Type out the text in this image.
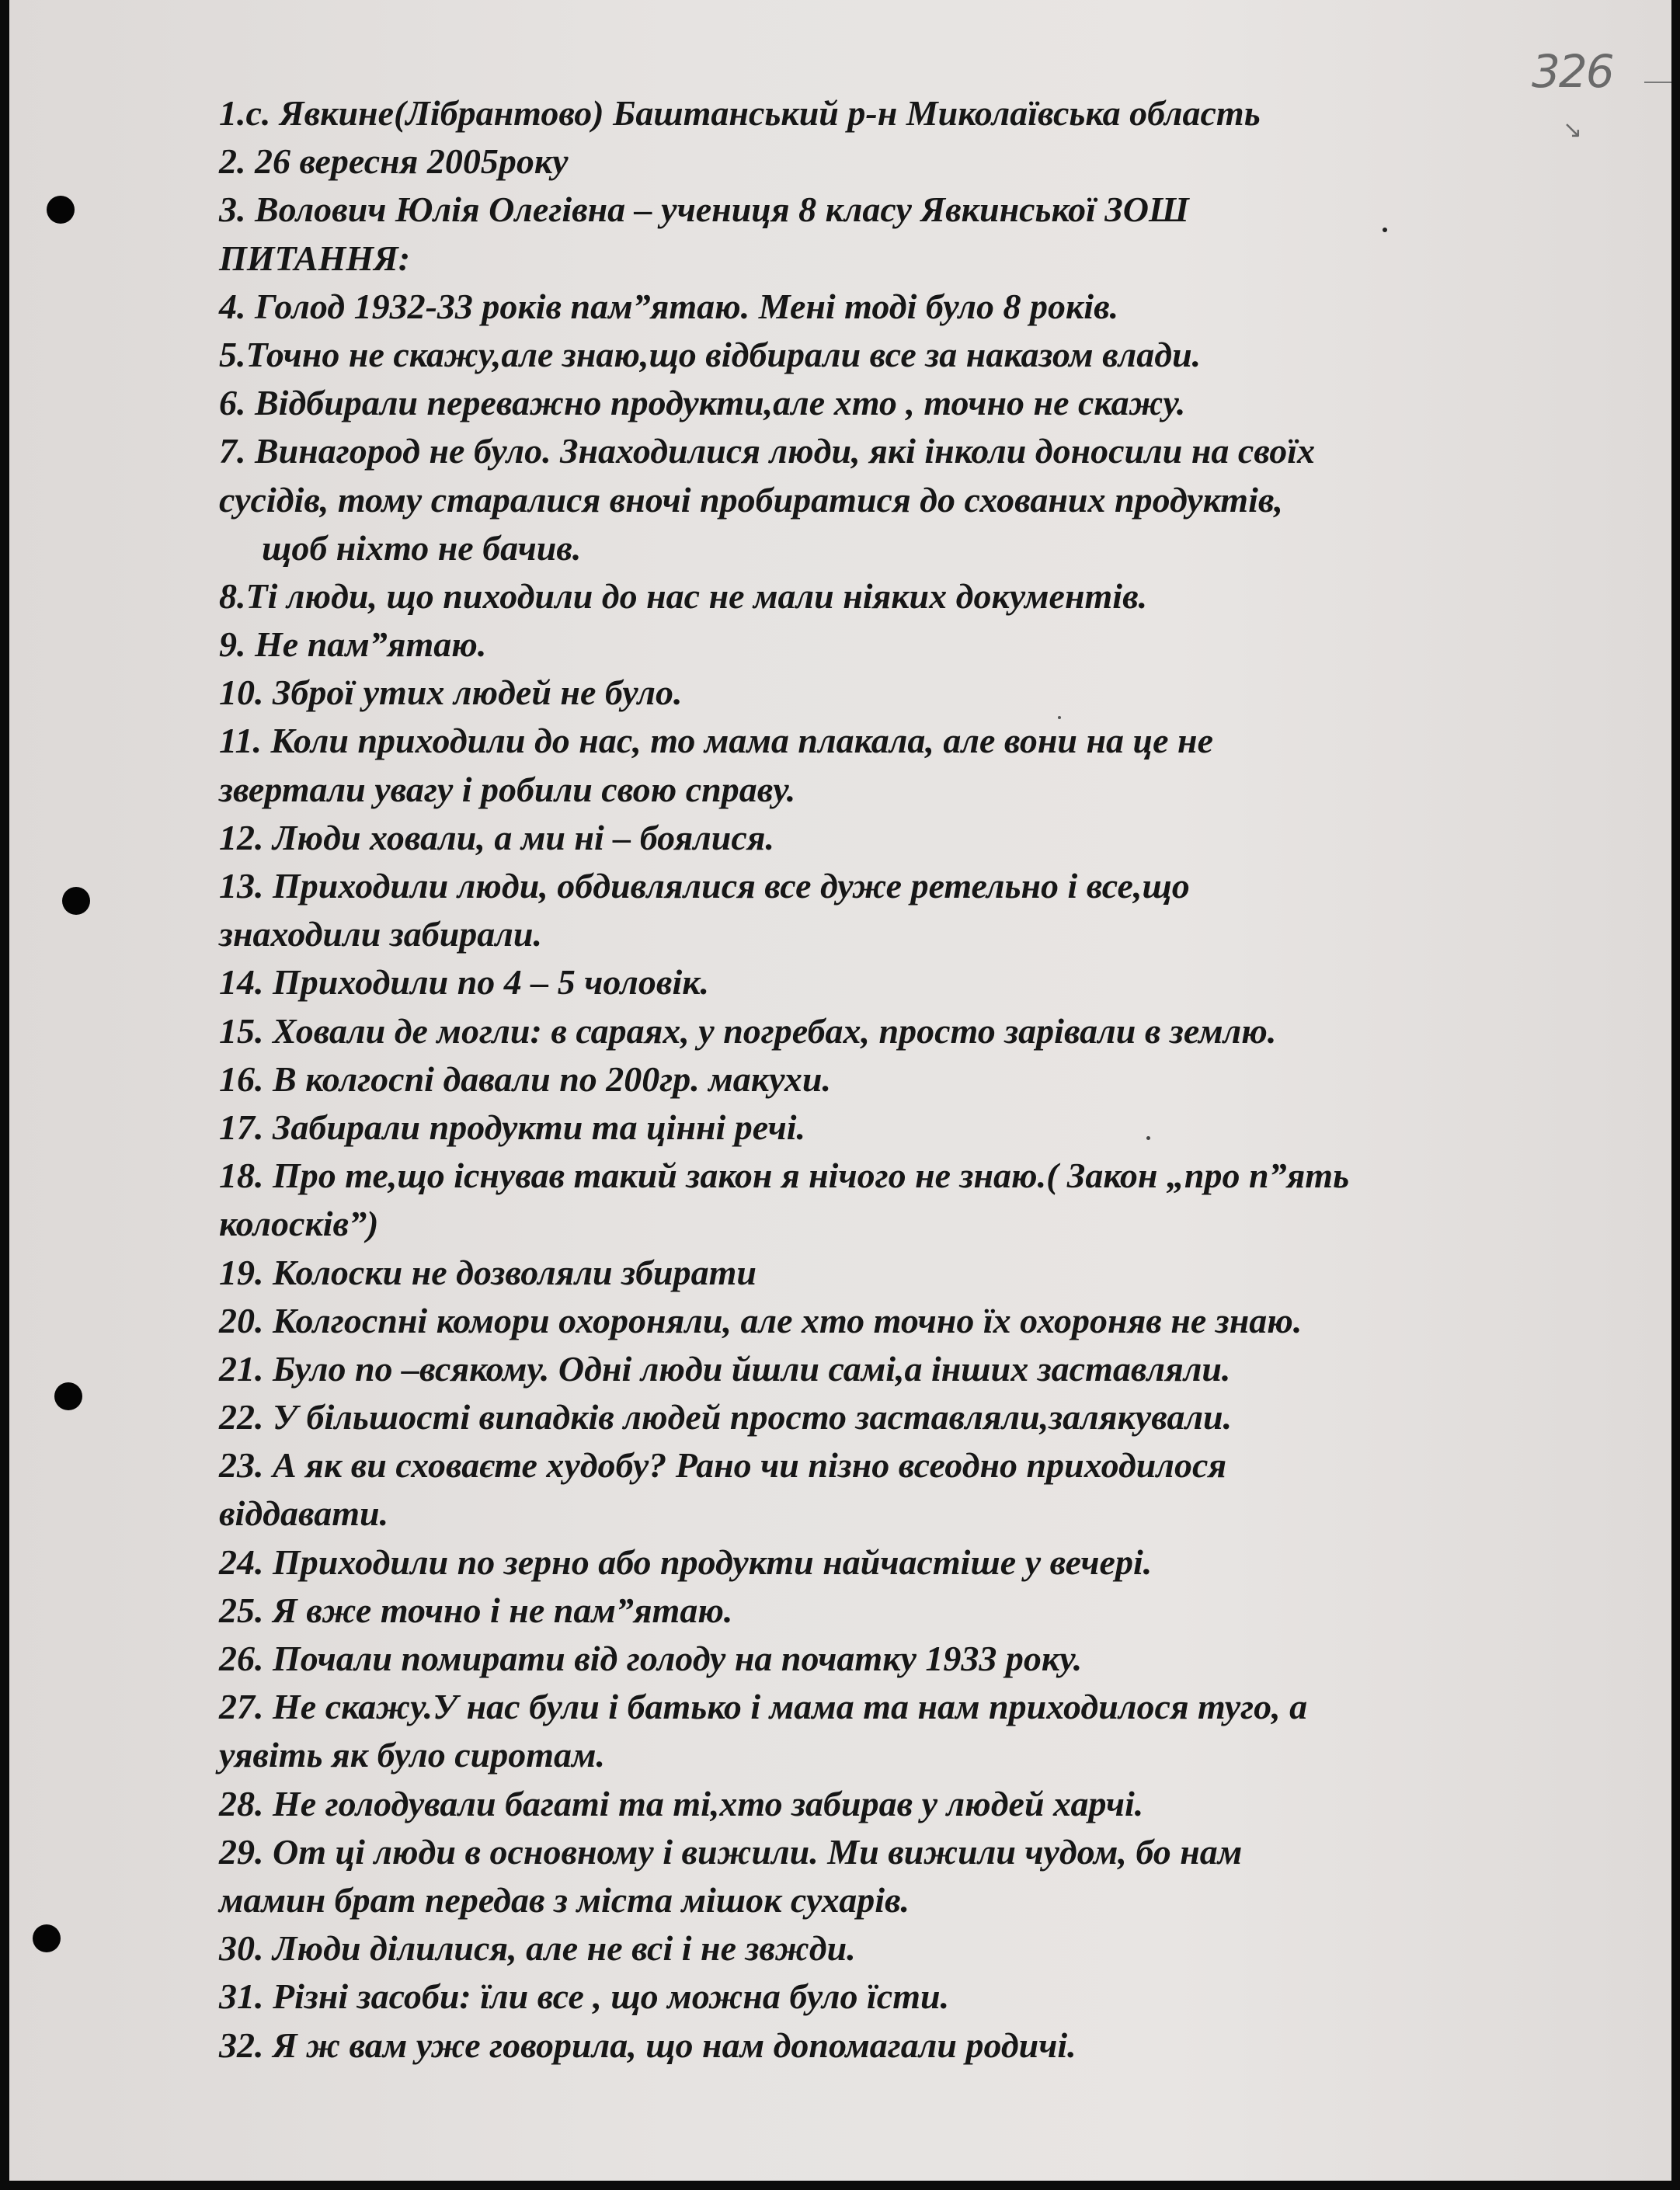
326
↘
1.с. Явкине(Лібрантово) Баштанський р-н Миколаївська область
2. 26 вересня 2005року
3. Волович Юлія Олегівна – учениця 8 класу Явкинської ЗОШ
ПИТАННЯ:
4. Голод 1932-33 років пам”ятаю. Мені тоді було 8 років.
5.Точно не скажу,але знаю,що відбирали все за наказом влади.
6. Відбирали переважно продукти,але хто , точно не скажу.
7. Винагород не було. Знаходилися люди, які інколи доносили на своїх
сусідів, тому старалися вночі пробиратися до схованих продуктів,
щоб ніхто не бачив.
8.Ті люди, що пиходили до нас не мали ніяких документів.
9. Не пам”ятаю.
10. Зброї утих людей не було.
11. Коли приходили до нас, то мама плакала, але вони на це не
звертали увагу і робили свою справу.
12. Люди ховали, а ми ні – боялися.
13. Приходили люди, обдивлялися все дуже ретельно і все,що
знаходили забирали.
14. Приходили по 4 – 5 чоловік.
15. Ховали де могли: в сараях, у погребах, просто зарівали в землю.
16. В колгоспі давали по 200гр. макухи.
17. Забирали продукти та цінні речі.
18. Про те,що існував такий закон я нічого не знаю.( Закон „про п”ять
колосків”)
19. Колоски не дозволяли збирати
20. Колгоспні комори охороняли, але хто точно їх охороняв не знаю.
21. Було по –всякому. Одні люди йшли самі,а інших заставляли.
22. У більшості випадків людей просто заставляли,залякували.
23. А як ви сховаєте худобу? Рано чи пізно всеодно приходилося
віддавати.
24. Приходили по зерно або продукти найчастіше у вечері.
25. Я вже точно і не пам”ятаю.
26. Почали помирати від голоду на початку 1933 року.
27. Не скажу.У нас були і батько і мама та нам приходилося туго, а
уявіть як було сиротам.
28. Не голодували багаті та ті,хто забирав у людей харчі.
29. От ці люди в основному і вижили. Ми вижили чудом, бо нам
мамин брат передав з міста мішок сухарів.
30. Люди ділилися, але не всі і не звжди.
31. Різні засоби: їли все , що можна було їсти.
32. Я ж вам уже говорила, що нам допомагали родичі.
